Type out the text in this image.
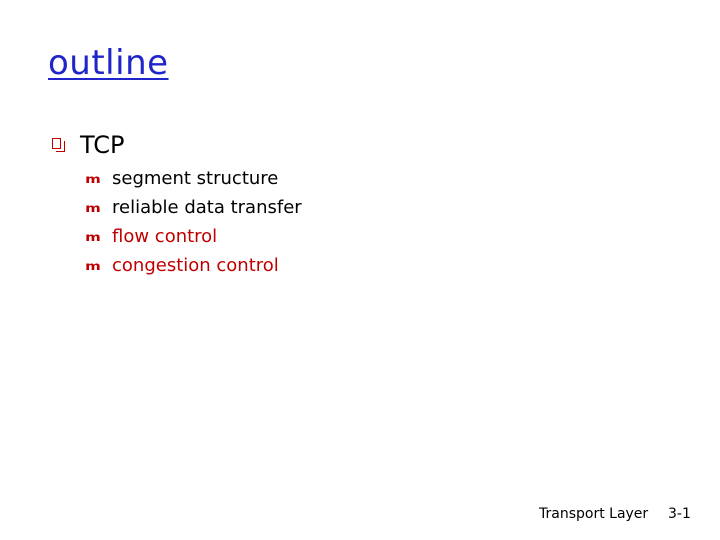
outline
TCP
m segment structure
m reliable data transfer
m flow control
m congestion control
Transport Layer 3-1
